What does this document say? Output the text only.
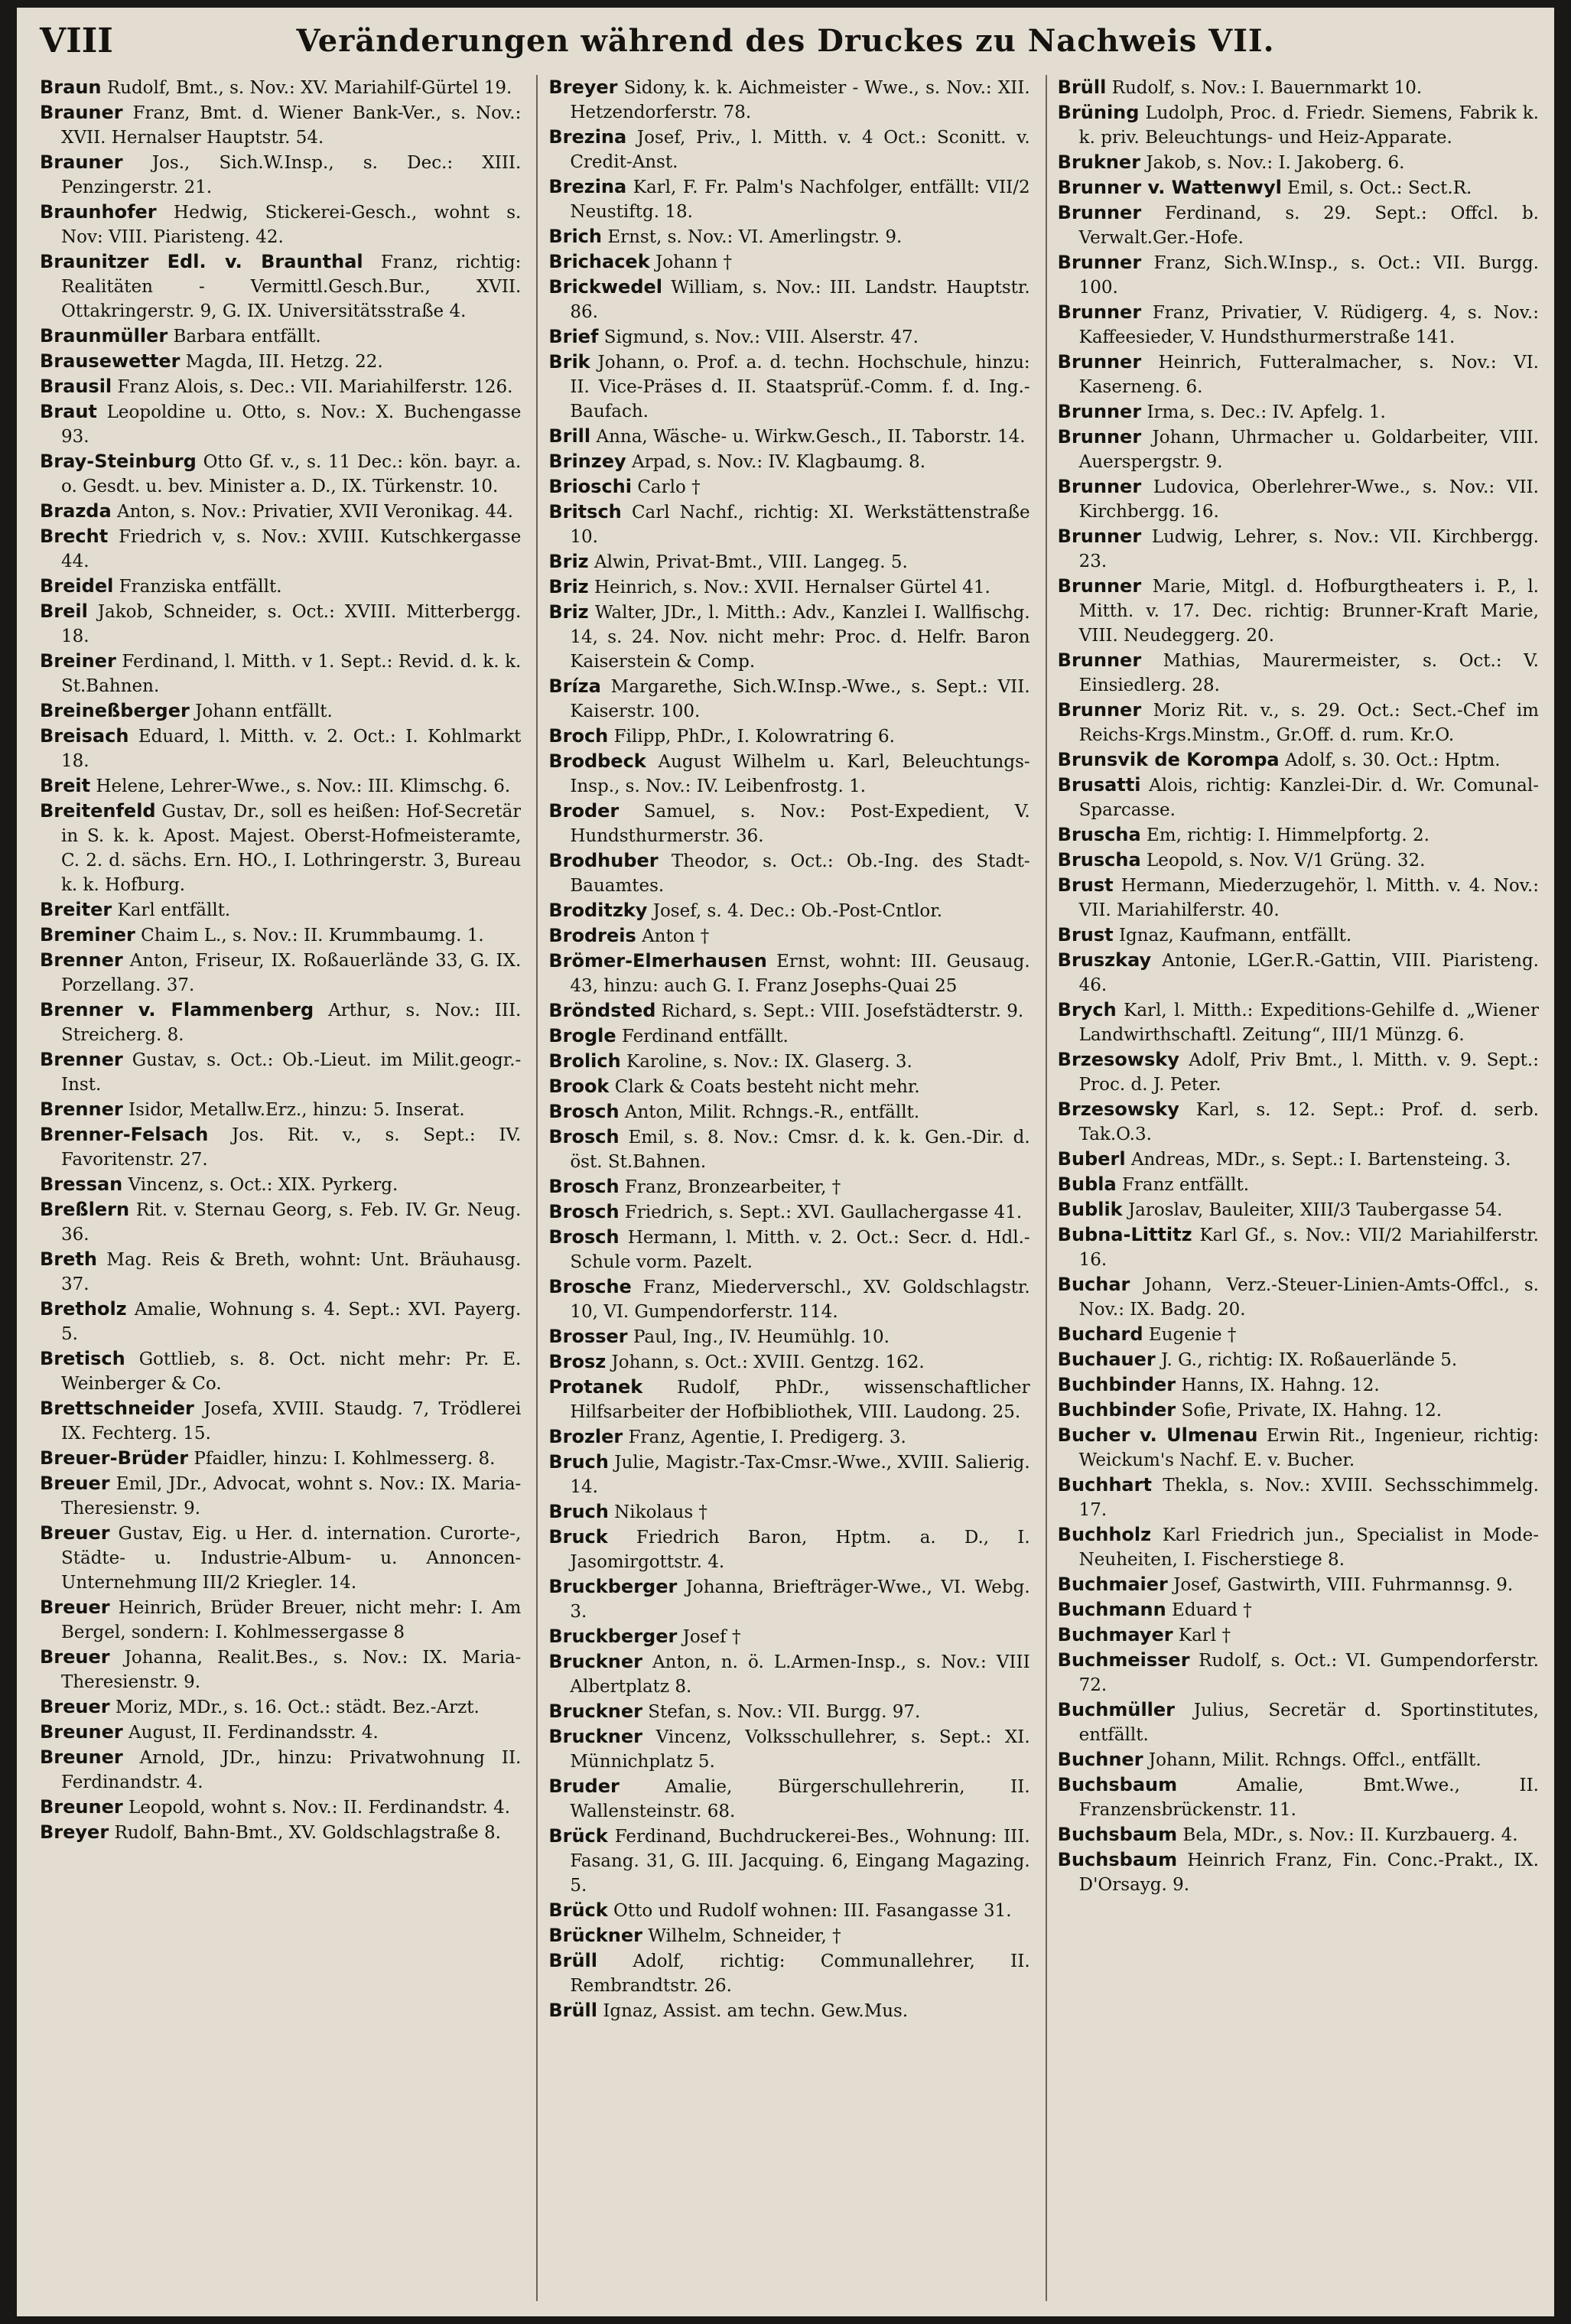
VIII	Veränderungen während des Druckes zu Nachweis VII.

Braun Rudolf, Bmt., s. Nov.: XV. Mariahilf-Gürtel 19.

Brauner Franz, Bmt. d. Wiener Bank-Ver., s. Nov.: XVII. Hernalser Hauptstr. 54.

Brauner Jos., Sich.W.Insp., s. Dec.: XIII. Penzingerstr. 21.

Braunhofer Hedwig, Stickerei-Gesch., wohnt s. Nov: VIII. Piaristeng. 42.

Braunitzer Edl. v. Braunthal Franz, richtig: Realitäten - Vermittl.Gesch.Bur., XVII. Ottakringerstr. 9, G. IX. Universitätsstraße 4.

Braunmüller Barbara entfällt.

Brausewetter Magda, III. Hetzg. 22.

Brausil Franz Alois, s. Dec.: VII. Mariahilferstr. 126.

Braut Leopoldine u. Otto, s. Nov.: X. Buchengasse 93.

Bray-Steinburg Otto Gf. v., s. 11 Dec.: kön. bayr. a. o. Gesdt. u. bev. Minister a. D., IX. Türkenstr. 10.

Brazda Anton, s. Nov.: Privatier, XVII Veronikag. 44.

Brecht Friedrich v, s. Nov.: XVIII. Kutschkergasse 44.

Breidel Franziska entfällt.

Breil Jakob, Schneider, s. Oct.: XVIII. Mitterbergg. 18.

Breiner Ferdinand, l. Mitth. v 1. Sept.: Revid. d. k. k. St.Bahnen.

Breineßberger Johann entfällt.

Breisach Eduard, l. Mitth. v. 2. Oct.: I. Kohlmarkt 18.

Breit Helene, Lehrer-Wwe., s. Nov.: III. Klimschg. 6.

Breitenfeld Gustav, Dr., soll es heißen: Hof-Secretär in S. k. k. Apost. Majest. Oberst-Hofmeisteramte, C. 2. d. sächs. Ern. HO., I. Lothringerstr. 3, Bureau k. k. Hofburg.

Breiter Karl entfällt.

Breminer Chaim L., s. Nov.: II. Krummbaumg. 1.

Brenner Anton, Friseur, IX. Roßauerlände 33, G. IX. Porzellang. 37.

Brenner v. Flammenberg Arthur, s. Nov.: III. Streicherg. 8.

Brenner Gustav, s. Oct.: Ob.-Lieut. im Milit.geogr.-Inst.

Brenner Isidor, Metallw.Erz., hinzu: 5. Inserat.

Brenner-Felsach Jos. Rit. v., s. Sept.: IV. Favoritenstr. 27.

Bressan Vincenz, s. Oct.: XIX. Pyrkerg.

Breßlern Rit. v. Sternau Georg, s. Feb. IV. Gr. Neug. 36.

Breth Mag. Reis & Breth, wohnt: Unt. Bräuhausg. 37.

Bretholz Amalie, Wohnung s. 4. Sept.: XVI. Payerg. 5.

Bretisch Gottlieb, s. 8. Oct. nicht mehr: Pr. E. Weinberger & Co.

Brettschneider Josefa, XVIII. Staudg. 7, Trödlerei IX. Fechterg. 15.

Breuer-Brüder Pfaidler, hinzu: I. Kohlmesserg. 8.

Breuer Emil, JDr., Advocat, wohnt s. Nov.: IX. Maria-Theresienstr. 9.

Breuer Gustav, Eig. u Her. d. internation. Curorte-, Städte- u. Industrie-Album- u. Annoncen-Unternehmung III/2 Kriegler. 14.

Breuer Heinrich, Brüder Breuer, nicht mehr: I. Am Bergel, sondern: I. Kohlmessergasse 8

Breuer Johanna, Realit.Bes., s. Nov.: IX. Maria-Theresienstr. 9.

Breuer Moriz, MDr., s. 16. Oct.: städt. Bez.-Arzt.

Breuner August, II. Ferdinandsstr. 4.

Breuner Arnold, JDr., hinzu: Privatwohnung II. Ferdinandstr. 4.

Breuner Leopold, wohnt s. Nov.: II. Ferdinandstr. 4.

Breyer Rudolf, Bahn-Bmt., XV. Goldschlagstraße 8.

Breyer Sidony, k. k. Aichmeister - Wwe., s. Nov.: XII. Hetzendorferstr. 78.

Brezina Josef, Priv., l. Mitth. v. 4 Oct.: Sconitt. v. Credit-Anst.

Brezina Karl, F. Fr. Palm's Nachfolger, entfällt: VII/2 Neustiftg. 18.

Brich Ernst, s. Nov.: VI. Amerlingstr. 9.

Brichacek Johann †

Brickwedel William, s. Nov.: III. Landstr. Hauptstr. 86.

Brief Sigmund, s. Nov.: VIII. Alserstr. 47.

Brik Johann, o. Prof. a. d. techn. Hochschule, hinzu: II. Vice-Präses d. II. Staatsprüf.-Comm. f. d. Ing.-Baufach.

Brill Anna, Wäsche- u. Wirkw.Gesch., II. Taborstr. 14.

Brinzey Arpad, s. Nov.: IV. Klagbaumg. 8.

Brioschi Carlo †

Britsch Carl Nachf., richtig: XI. Werkstättenstraße 10.

Briz Alwin, Privat-Bmt., VIII. Langeg. 5.

Briz Heinrich, s. Nov.: XVII. Hernalser Gürtel 41.

Briz Walter, JDr., l. Mitth.: Adv., Kanzlei I. Wallfischg. 14, s. 24. Nov. nicht mehr: Proc. d. Helfr. Baron Kaiserstein & Comp.

Bríza Margarethe, Sich.W.Insp.-Wwe., s. Sept.: VII. Kaiserstr. 100.

Broch Filipp, PhDr., I. Kolowratring 6.

Brodbeck August Wilhelm u. Karl, Beleuchtungs-Insp., s. Nov.: IV. Leibenfrostg. 1.

Broder Samuel, s. Nov.: Post-Expedient, V. Hundsthurmerstr. 36.

Brodhuber Theodor, s. Oct.: Ob.-Ing. des Stadt-Bauamtes.

Broditzky Josef, s. 4. Dec.: Ob.-Post-Cntlor.

Brodreis Anton †

Brömer-Elmerhausen Ernst, wohnt: III. Geusaug. 43, hinzu: auch G. I. Franz Josephs-Quai 25

Bröndsted Richard, s. Sept.: VIII. Josefstädterstr. 9.

Brogle Ferdinand entfällt.

Brolich Karoline, s. Nov.: IX. Glaserg. 3.

Brook Clark & Coats besteht nicht mehr.

Brosch Anton, Milit. Rchngs.-R., entfällt.

Brosch Emil, s. 8. Nov.: Cmsr. d. k. k. Gen.-Dir. d. öst. St.Bahnen.

Brosch Franz, Bronzearbeiter, †

Brosch Friedrich, s. Sept.: XVI. Gaullachergasse 41.

Brosch Hermann, l. Mitth. v. 2. Oct.: Secr. d. Hdl.-Schule vorm. Pazelt.

Brosche Franz, Miederverschl., XV. Goldschlagstr. 10, VI. Gumpendorferstr. 114.

Brosser Paul, Ing., IV. Heumühlg. 10.

Brosz Johann, s. Oct.: XVIII. Gentzg. 162.

Protanek Rudolf, PhDr., wissenschaftlicher Hilfsarbeiter der Hofbibliothek, VIII. Laudong. 25.

Brozler Franz, Agentie, I. Predigerg. 3.

Bruch Julie, Magistr.-Tax-Cmsr.-Wwe., XVIII. Salierig. 14.

Bruch Nikolaus †

Bruck Friedrich Baron, Hptm. a. D., I. Jasomirgottstr. 4.

Bruckberger Johanna, Briefträger-Wwe., VI. Webg. 3.

Bruckberger Josef †

Bruckner Anton, n. ö. L.Armen-Insp., s. Nov.: VIII Albertplatz 8.

Bruckner Stefan, s. Nov.: VII. Burgg. 97.

Bruckner Vincenz, Volksschullehrer, s. Sept.: XI. Münnichplatz 5.

Bruder	Amalie, Bürgerschullehrerin, II. Wallensteinstr. 68.

Brück Ferdinand, Buchdruckerei-Bes., Wohnung: III. Fasang. 31, G. III. Jacquing. 6, Eingang Magazing. 5.

Brück Otto und Rudolf wohnen: III. Fasangasse 31.

Brückner Wilhelm, Schneider, †

Brüll Adolf, richtig: Communallehrer, II. Rembrandtstr. 26.

Brüll Ignaz, Assist. am techn. Gew.Mus.

Brüll Rudolf, s. Nov.: I. Bauernmarkt 10.

Brüning Ludolph, Proc. d. Friedr. Siemens, Fabrik k. k. priv. Beleuchtungs- und Heiz-Apparate.

Brukner Jakob, s. Nov.: I. Jakoberg. 6.

Brunner v. Wattenwyl Emil, s. Oct.: Sect.R.

Brunner Ferdinand, s. 29. Sept.: Offcl. b. Verwalt.Ger.-Hofe.

Brunner Franz, Sich.W.Insp., s. Oct.: VII. Burgg. 100.

Brunner Franz, Privatier, V. Rüdigerg. 4, s. Nov.: Kaffeesieder, V. Hundsthurmerstraße 141.

Brunner Heinrich, Futteralmacher, s. Nov.: VI. Kaserneng. 6.

Brunner Irma, s. Dec.: IV. Apfelg. 1.

Brunner Johann, Uhrmacher u. Goldarbeiter, VIII. Auerspergstr. 9.

Brunner Ludovica, Oberlehrer-Wwe., s. Nov.: VII. Kirchbergg. 16.

Brunner Ludwig, Lehrer, s. Nov.: VII. Kirchbergg. 23.

Brunner Marie, Mitgl. d. Hofburgtheaters i. P., l. Mitth. v. 17. Dec. richtig: Brunner-Kraft Marie, VIII. Neudeggerg. 20.

Brunner Mathias, Maurermeister, s. Oct.: V. Einsiedlerg. 28.

Brunner Moriz Rit. v., s. 29. Oct.: Sect.-Chef im Reichs-Krgs.Minstm., Gr.Off. d. rum. Kr.O.

Brunsvik de Korompa Adolf, s. 30. Oct.: Hptm.

Brusatti Alois, richtig: Kanzlei-Dir. d. Wr. Comunal-Sparcasse.

Bruscha Em, richtig: I. Himmelpfortg. 2.

Bruscha Leopold, s. Nov. V/1 Grüng. 32.

Brust Hermann, Miederzugehör, l. Mitth. v. 4. Nov.: VII. Mariahilferstr. 40.

Brust Ignaz, Kaufmann, entfällt.

Bruszkay Antonie, LGer.R.-Gattin, VIII. Piaristeng. 46.

Brych Karl, l. Mitth.: Expeditions-Gehilfe d. „Wiener Landwirthschaftl. Zeitung“, III/1 Münzg. 6.

Brzesowsky Adolf, Priv Bmt., l. Mitth. v. 9. Sept.: Proc. d. J. Peter.

Brzesowsky Karl, s. 12. Sept.: Prof. d. serb. Tak.O.3.

Buberl Andreas, MDr., s. Sept.: I. Bartensteing. 3.

Bubla Franz entfällt.

Bublik Jaroslav, Bauleiter, XIII/3 Taubergasse 54.

Bubna-Littitz Karl Gf., s. Nov.: VII/2 Mariahilferstr. 16.

Buchar Johann, Verz.-Steuer-Linien-Amts-Offcl., s. Nov.: IX. Badg. 20.

Buchard Eugenie †

Buchauer J. G., richtig: IX. Roßauerlände 5.

Buchbinder Hanns, IX. Hahng. 12.

Buchbinder Sofie, Private, IX. Hahng. 12.

Bucher v. Ulmenau Erwin Rit., Ingenieur, richtig: Weickum's Nachf. E. v. Bucher.

Buchhart Thekla, s. Nov.: XVIII. Sechsschimmelg. 17.

Buchholz Karl Friedrich jun., Specialist in Mode-Neuheiten, I. Fischerstiege 8.

Buchmaier Josef, Gastwirth, VIII. Fuhrmannsg. 9.

Buchmann Eduard †

Buchmayer Karl †

Buchmeisser Rudolf, s. Oct.: VI. Gumpendorferstr. 72.

Buchmüller Julius, Secretär d. Sportinstitutes, entfällt.

Buchner Johann, Milit. Rchngs. Offcl., entfällt.

Buchsbaum	Amalie, Bmt.Wwe., II. Franzensbrückenstr. 11.

Buchsbaum Bela, MDr., s. Nov.: II. Kurzbauerg. 4.

Buchsbaum Heinrich Franz, Fin. Conc.-Prakt., IX. D'Orsayg. 9.
